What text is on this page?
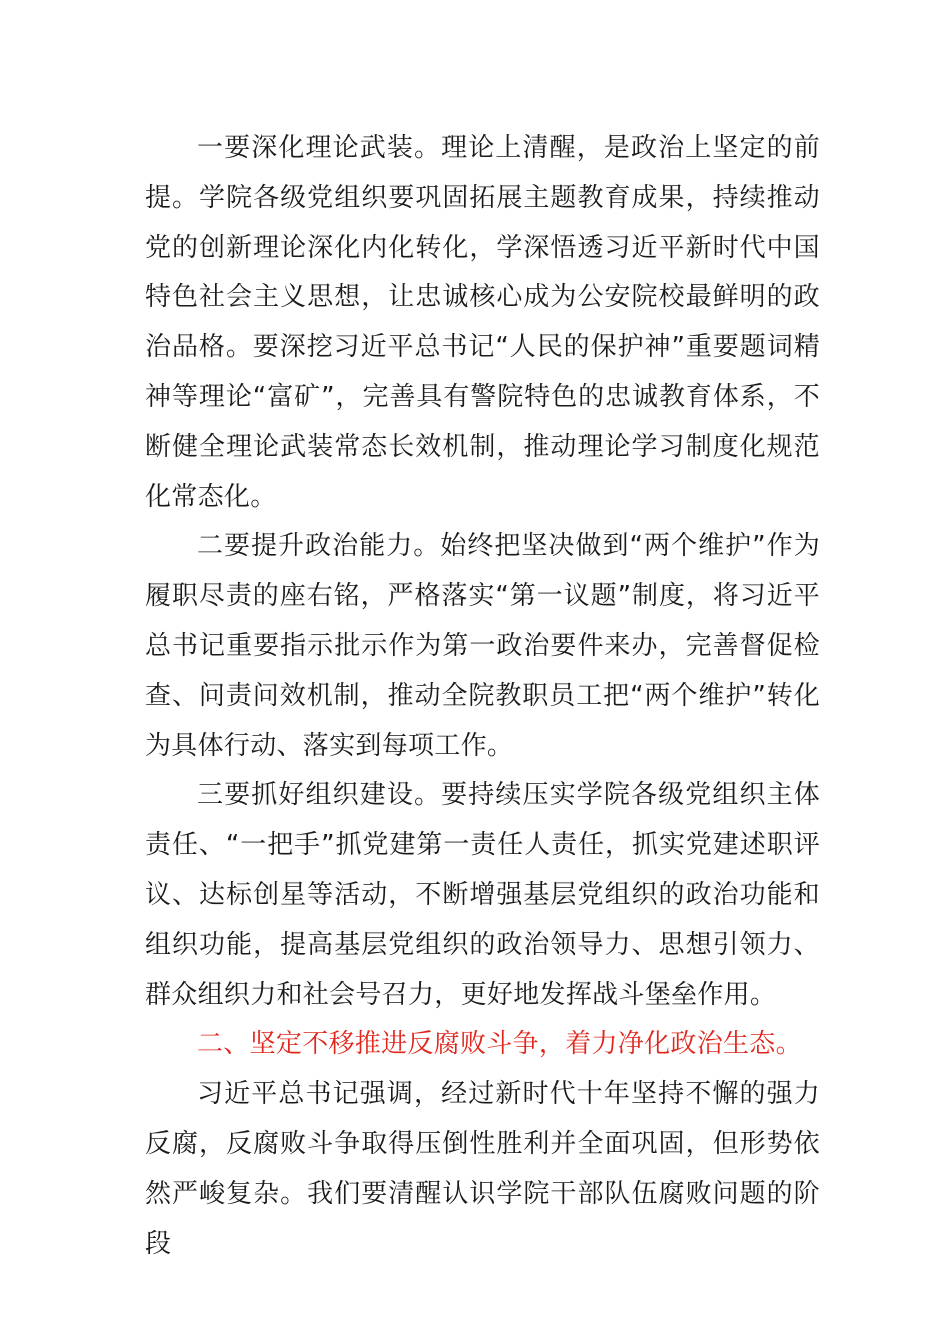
一要深化理论武装。理论上清醒，是政治上坚定的前提。学院各级党组织要巩固拓展主题教育成果，持续推动党的创新理论深化内化转化，学深悟透习近平新时代中国特色社会主义思想，让忠诚核心成为公安院校最鲜明的政治品格。要深挖习近平总书记“人民的保护神”重要题词精神等理论“富矿”，完善具有警院特色的忠诚教育体系，不断健全理论武装常态长效机制，推动理论学习制度化规范化常态化。

二要提升政治能力。始终把坚决做到“两个维护”作为履职尽责的座右铭，严格落实“第一议题”制度，将习近平总书记重要指示批示作为第一政治要件来办，完善督促检查、问责问效机制，推动全院教职员工把“两个维护”转化为具体行动、落实到每项工作。

三要抓好组织建设。要持续压实学院各级党组织主体责任、“一把手”抓党建第一责任人责任，抓实党建述职评议、达标创星等活动，不断增强基层党组织的政治功能和组织功能，提高基层党组织的政治领导力、思想引领力、群众组织力和社会号召力，更好地发挥战斗堡垒作用。

二、坚定不移推进反腐败斗争，着力净化政治生态。

习近平总书记强调，经过新时代十年坚持不懈的强力反腐，反腐败斗争取得压倒性胜利并全面巩固，但形势依然严峻复杂。我们要清醒认识学院干部队伍腐败问题的阶段
